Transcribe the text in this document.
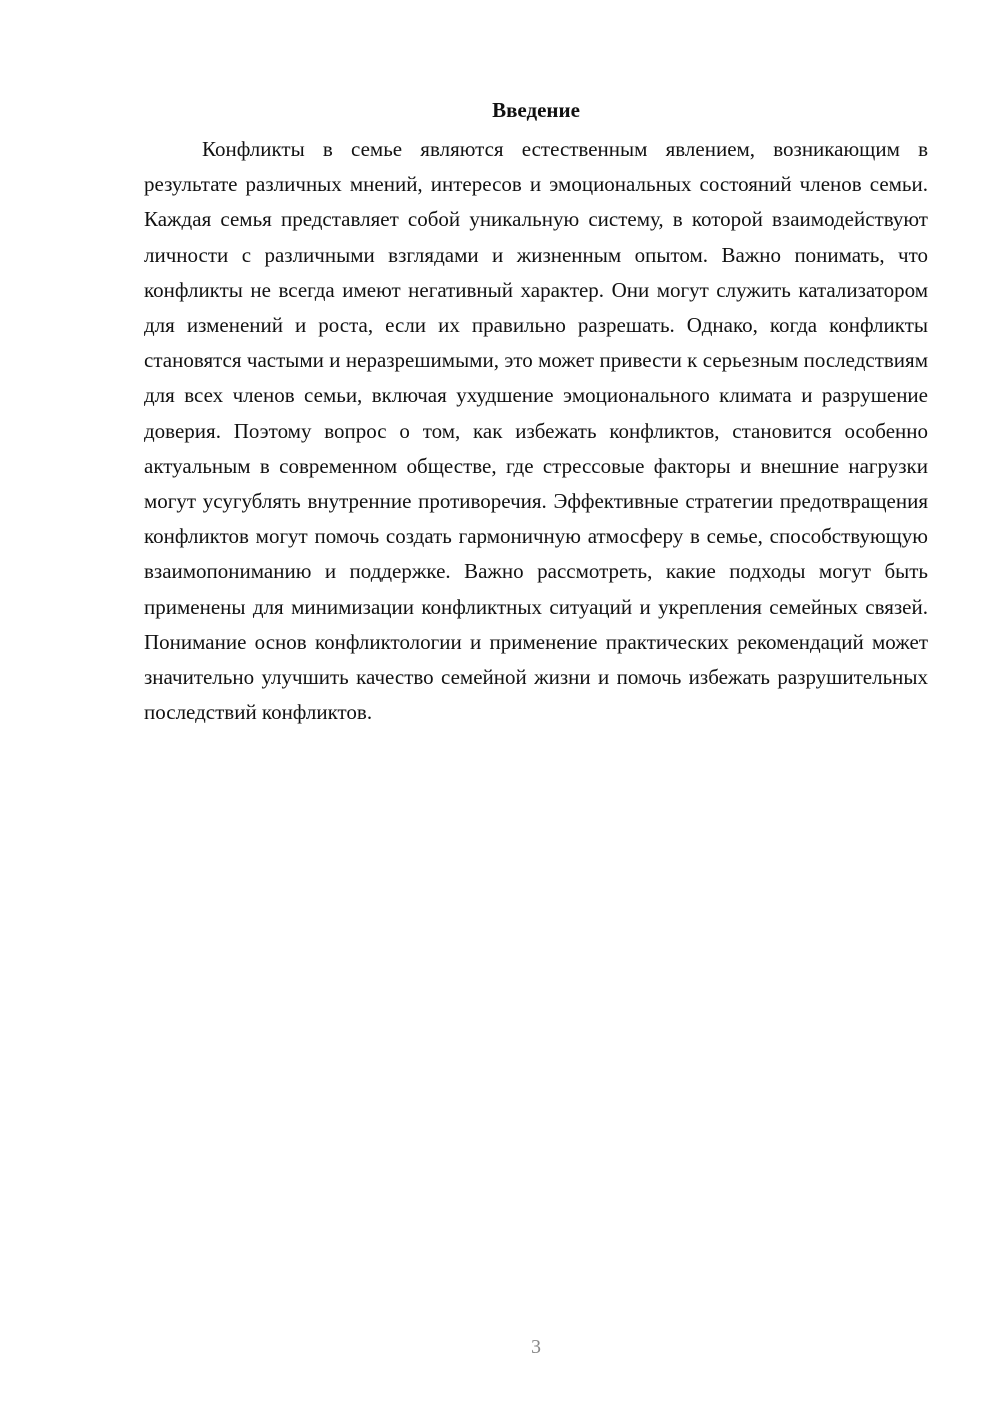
Введение

Конфликты в семье являются естественным явлением, возникающим в результате различных мнений, интересов и эмоциональных состояний членов семьи. Каждая семья представляет собой уникальную систему, в которой взаимодействуют личности с различными взглядами и жизненным опытом. Важно понимать, что конфликты не всегда имеют негативный характер. Они могут служить катализатором для изменений и роста, если их правильно разрешать. Однако, когда конфликты становятся частыми и неразрешимыми, это может привести к серьезным последствиям для всех членов семьи, включая ухудшение эмоционального климата и разрушение доверия. Поэтому вопрос о том, как избежать конфликтов, становится особенно актуальным в современном обществе, где стрессовые факторы и внешние нагрузки могут усугублять внутренние противоречия. Эффективные стратегии предотвращения конфликтов могут помочь создать гармоничную атмосферу в семье, способствующую взаимопониманию и поддержке. Важно рассмотреть, какие подходы могут быть применены для минимизации конфликтных ситуаций и укрепления семейных связей. Понимание основ конфликтологии и применение практических рекомендаций может значительно улучшить качество семейной жизни и помочь избежать разрушительных последствий конфликтов.

3
